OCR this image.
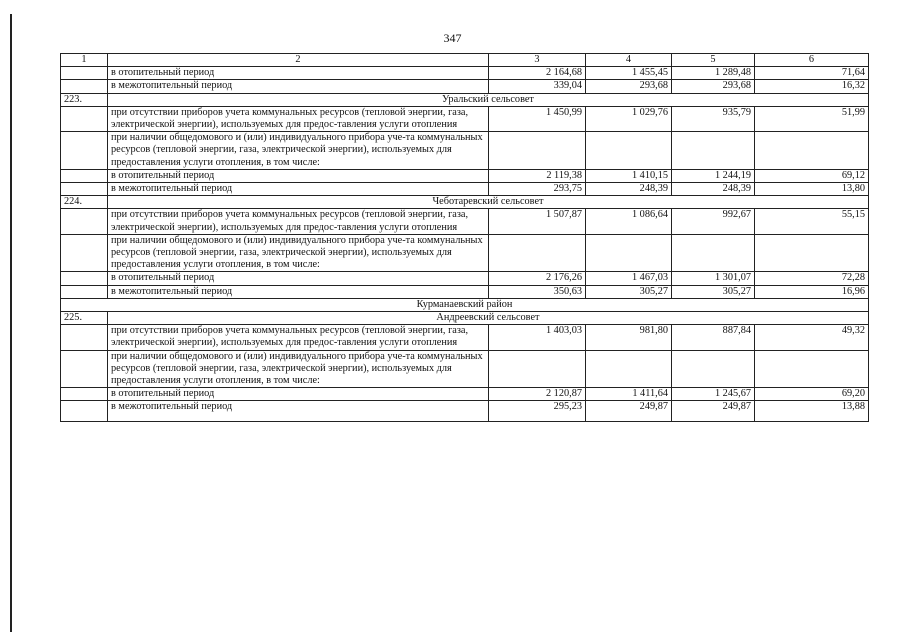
347
1	2	3	4	5	6
	в отопительный период	2 164,68	1 455,45	1 289,48	71,64
	в межотопительный период	339,04	293,68	293,68	16,32
223.	Уральский сельсовет				
	при отсутствии приборов учета коммунальных ресурсов (тепловой энергии, газа, электрической энергии), используемых для предос-тавления услуги отопления	1 450,99	1 029,76	935,79	51,99
	при наличии общедомового и (или) индивидуального прибора уче-та коммунальных ресурсов (тепловой энергии, газа, электрической энергии), используемых для предоставления услуги отопления, в том числе:				
	в отопительный период	2 119,38	1 410,15	1 244,19	69,12
	в межотопительный период	293,75	248,39	248,39	13,80
224.	Чеботаревский сельсовет				
	при отсутствии приборов учета коммунальных ресурсов (тепловой энергии, газа, электрической энергии), используемых для предос-тавления услуги отопления	1 507,87	1 086,64	992,67	55,15
	при наличии общедомового и (или) индивидуального прибора уче-та коммунальных ресурсов (тепловой энергии, газа, электрической энергии), используемых для предоставления услуги отопления, в том числе:				
	в отопительный период	2 176,26	1 467,03	1 301,07	72,28
	в межотопительный период	350,63	305,27	305,27	16,96
Курманаевский район					
225.	Андреевский сельсовет				
	при отсутствии приборов учета коммунальных ресурсов (тепловой энергии, газа, электрической энергии), используемых для предос-тавления услуги отопления	1 403,03	981,80	887,84	49,32
	при наличии общедомового и (или) индивидуального прибора уче-та коммунальных ресурсов (тепловой энергии, газа, электрической энергии), используемых для предоставления услуги отопления, в том числе:				
	в отопительный период	2 120,87	1 411,64	1 245,67	69,20
	в межотопительный период	295,23	249,87	249,87	13,88
